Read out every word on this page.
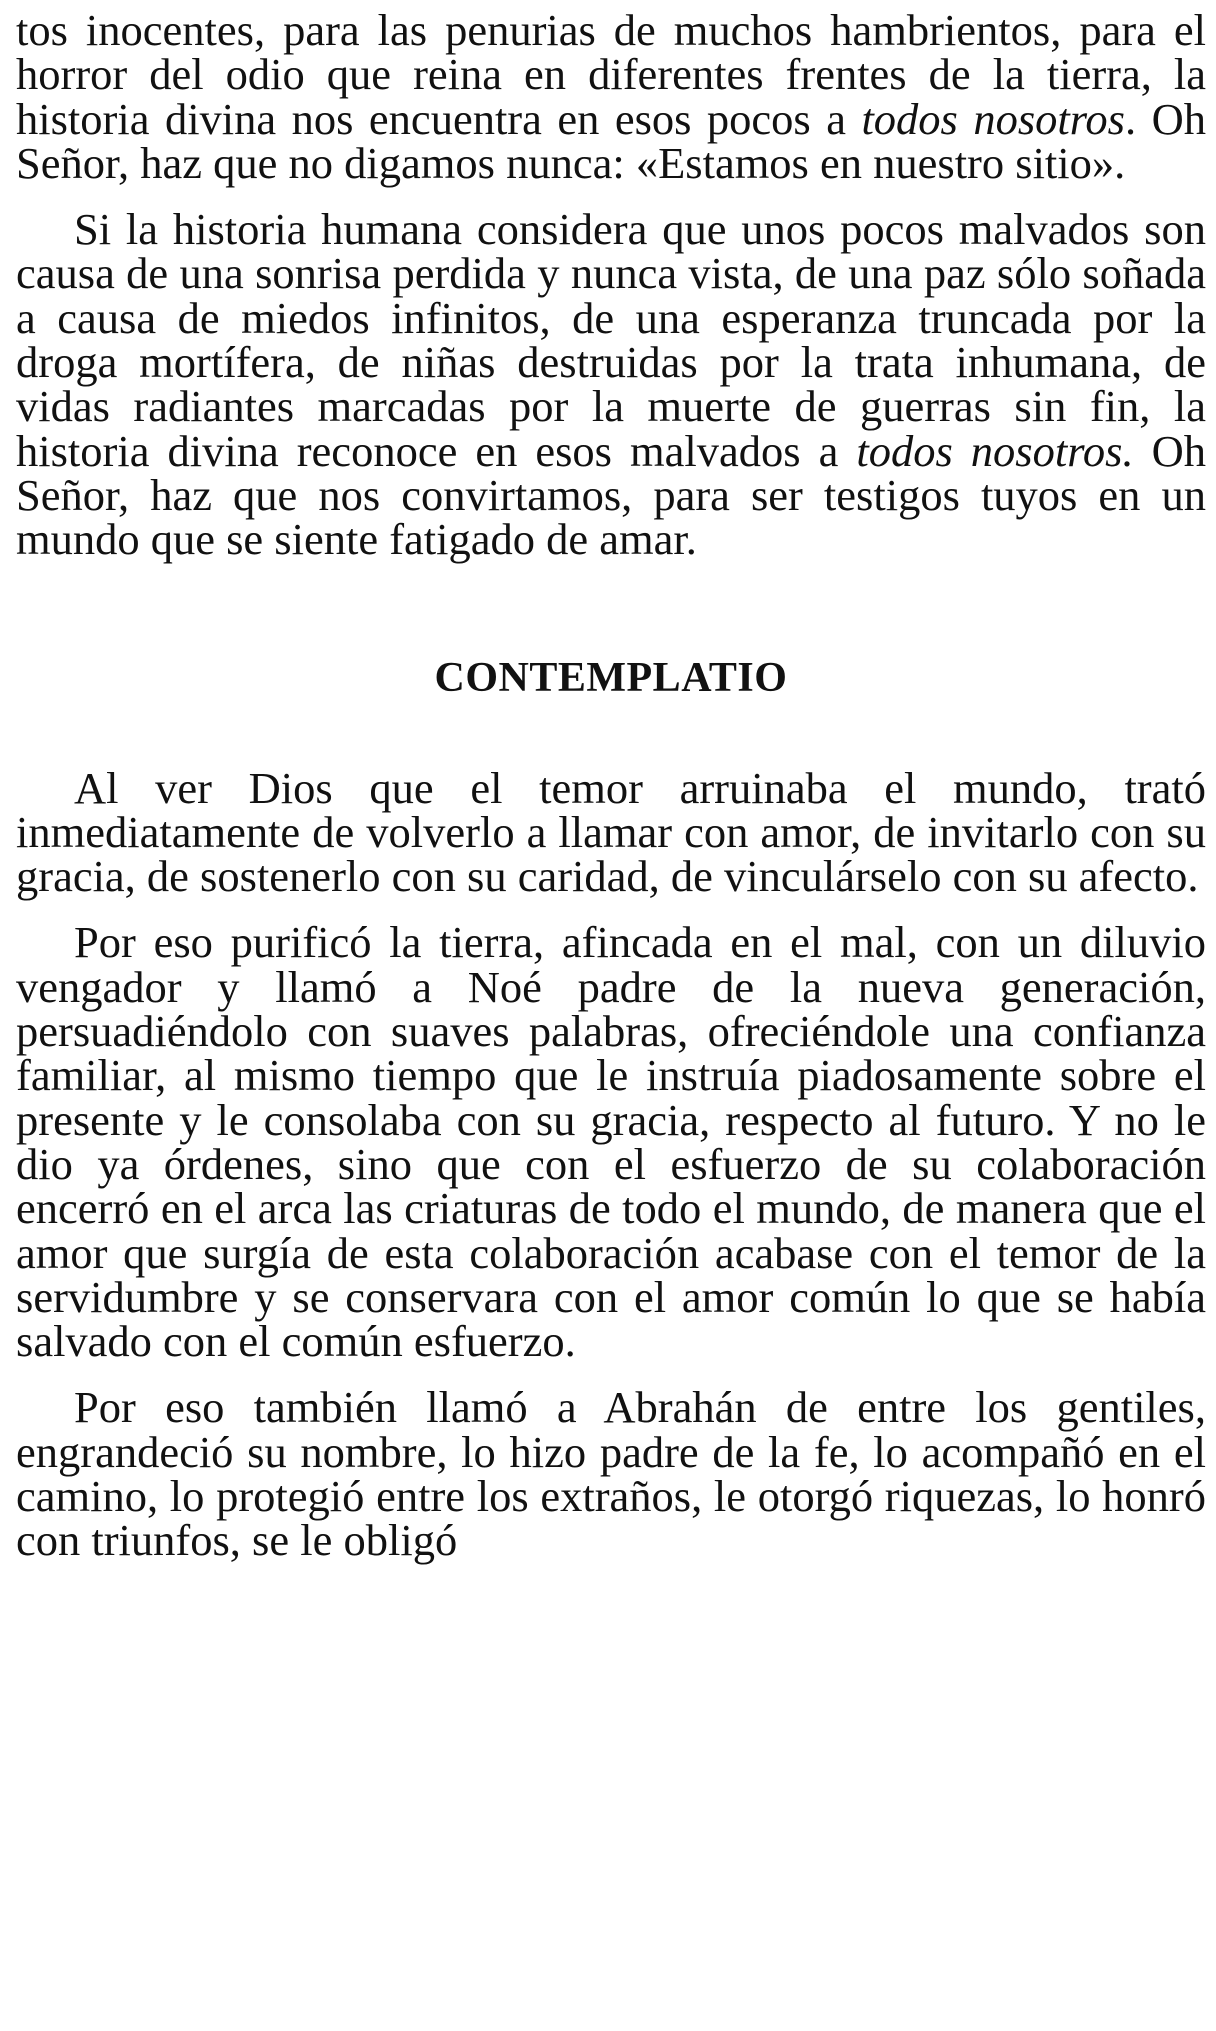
tos inocentes, para las penurias de muchos hambrientos, para el horror del odio que reina en diferentes frentes de la tierra, la historia divina nos encuentra en esos pocos a todos nosotros. Oh Señor, haz que no digamos nunca: «Estamos en nuestro sitio».

Si la historia humana considera que unos pocos malvados son causa de una sonrisa perdida y nunca vista, de una paz sólo soñada a causa de miedos infinitos, de una esperanza truncada por la droga mortífera, de niñas destruidas por la trata inhumana, de vidas radiantes marcadas por la muerte de guerras sin fin, la historia divina reconoce en esos malvados a todos nosotros. Oh Señor, haz que nos convirtamos, para ser testigos tuyos en un mundo que se siente fatigado de amar.

CONTEMPLATIO

Al ver Dios que el temor arruinaba el mundo, trató inmediatamente de volverlo a llamar con amor, de invitarlo con su gracia, de sostenerlo con su caridad, de vinculárselo con su afecto.

Por eso purificó la tierra, afincada en el mal, con un diluvio vengador y llamó a Noé padre de la nueva generación, persuadiéndolo con suaves palabras, ofreciéndole una confianza familiar, al mismo tiempo que le instruía piadosamente sobre el presente y le consolaba con su gracia, respecto al futuro. Y no le dio ya órdenes, sino que con el esfuerzo de su colaboración encerró en el arca las criaturas de todo el mundo, de manera que el amor que surgía de esta colaboración acabase con el temor de la servidumbre y se conservara con el amor común lo que se había salvado con el común esfuerzo.

Por eso también llamó a Abrahán de entre los gentiles, engrandeció su nombre, lo hizo padre de la fe, lo acompañó en el camino, lo protegió entre los extraños, le otorgó riquezas, lo honró con triunfos, se le obligó
